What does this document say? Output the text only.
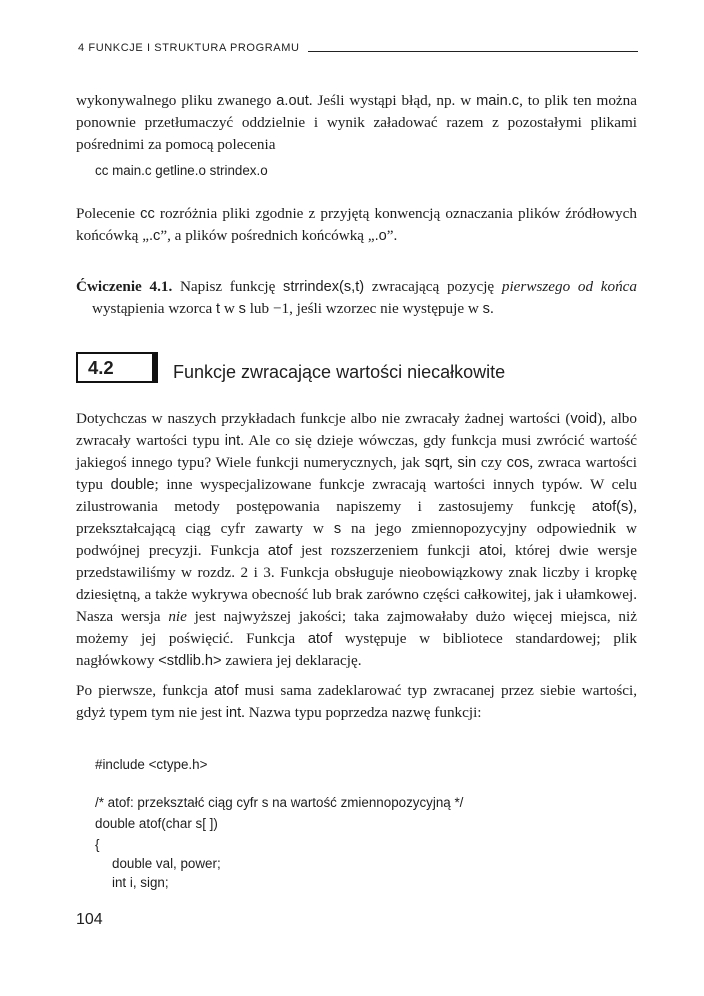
4 FUNKCJE I STRUKTURA PROGRAMU

wykonywalnego pliku zwanego a.out. Jeśli wystąpi błąd, np. w main.c, to plik ten można ponownie przetłumaczyć oddzielnie i wynik załadować razem z pozostałymi plikami pośrednimi za pomocą polecenia

cc main.c getline.o strindex.o

Polecenie cc rozróżnia pliki zgodnie z przyjętą konwencją oznaczania plików źródłowych końcówką „.c”, a plików pośrednich końcówką „.o”.

Ćwiczenie 4.1. Napisz funkcję strrindex(s,t) zwracającą pozycję pierwszego od końca wystąpienia wzorca t w s lub −1, jeśli wzorzec nie występuje w s.

4.2	Funkcje zwracające wartości niecałkowite

Dotychczas w naszych przykładach funkcje albo nie zwracały żadnej wartości (void), albo zwracały wartości typu int. Ale co się dzieje wówczas, gdy funkcja musi zwrócić wartość jakiegoś innego typu? Wiele funkcji numerycznych, jak sqrt, sin czy cos, zwraca wartości typu double; inne wyspecjalizowane funkcje zwracają wartości innych typów. W celu zilustrowania metody postępowania napiszemy i zastosujemy funkcję atof(s), przekształcającą ciąg cyfr zawarty w s na jego zmiennopozycyjny odpowiednik w podwójnej precyzji. Funkcja atof jest rozszerzeniem funkcji atoi, której dwie wersje przedstawiliśmy w rozdz. 2 i 3. Funkcja obsługuje nieobowiązkowy znak liczby i kropkę dziesiętną, a także wykrywa obecność lub brak zarówno części całkowitej, jak i ułamkowej. Nasza wersja nie jest najwyższej jakości; taka zajmowałaby dużo więcej miejsca, niż możemy jej poświęcić. Funkcja atof występuje w bibliotece standardowej; plik nagłówkowy <stdlib.h> zawiera jej deklarację.

Po pierwsze, funkcja atof musi sama zadeklarować typ zwracanej przez siebie wartości, gdyż typem tym nie jest int. Nazwa typu poprzedza nazwę funkcji:

#include <ctype.h>
/* atof: przekształć ciąg cyfr s na wartość zmiennopozycyjną */
double atof(char s[ ])
{
double val, power;
int i, sign;
104
